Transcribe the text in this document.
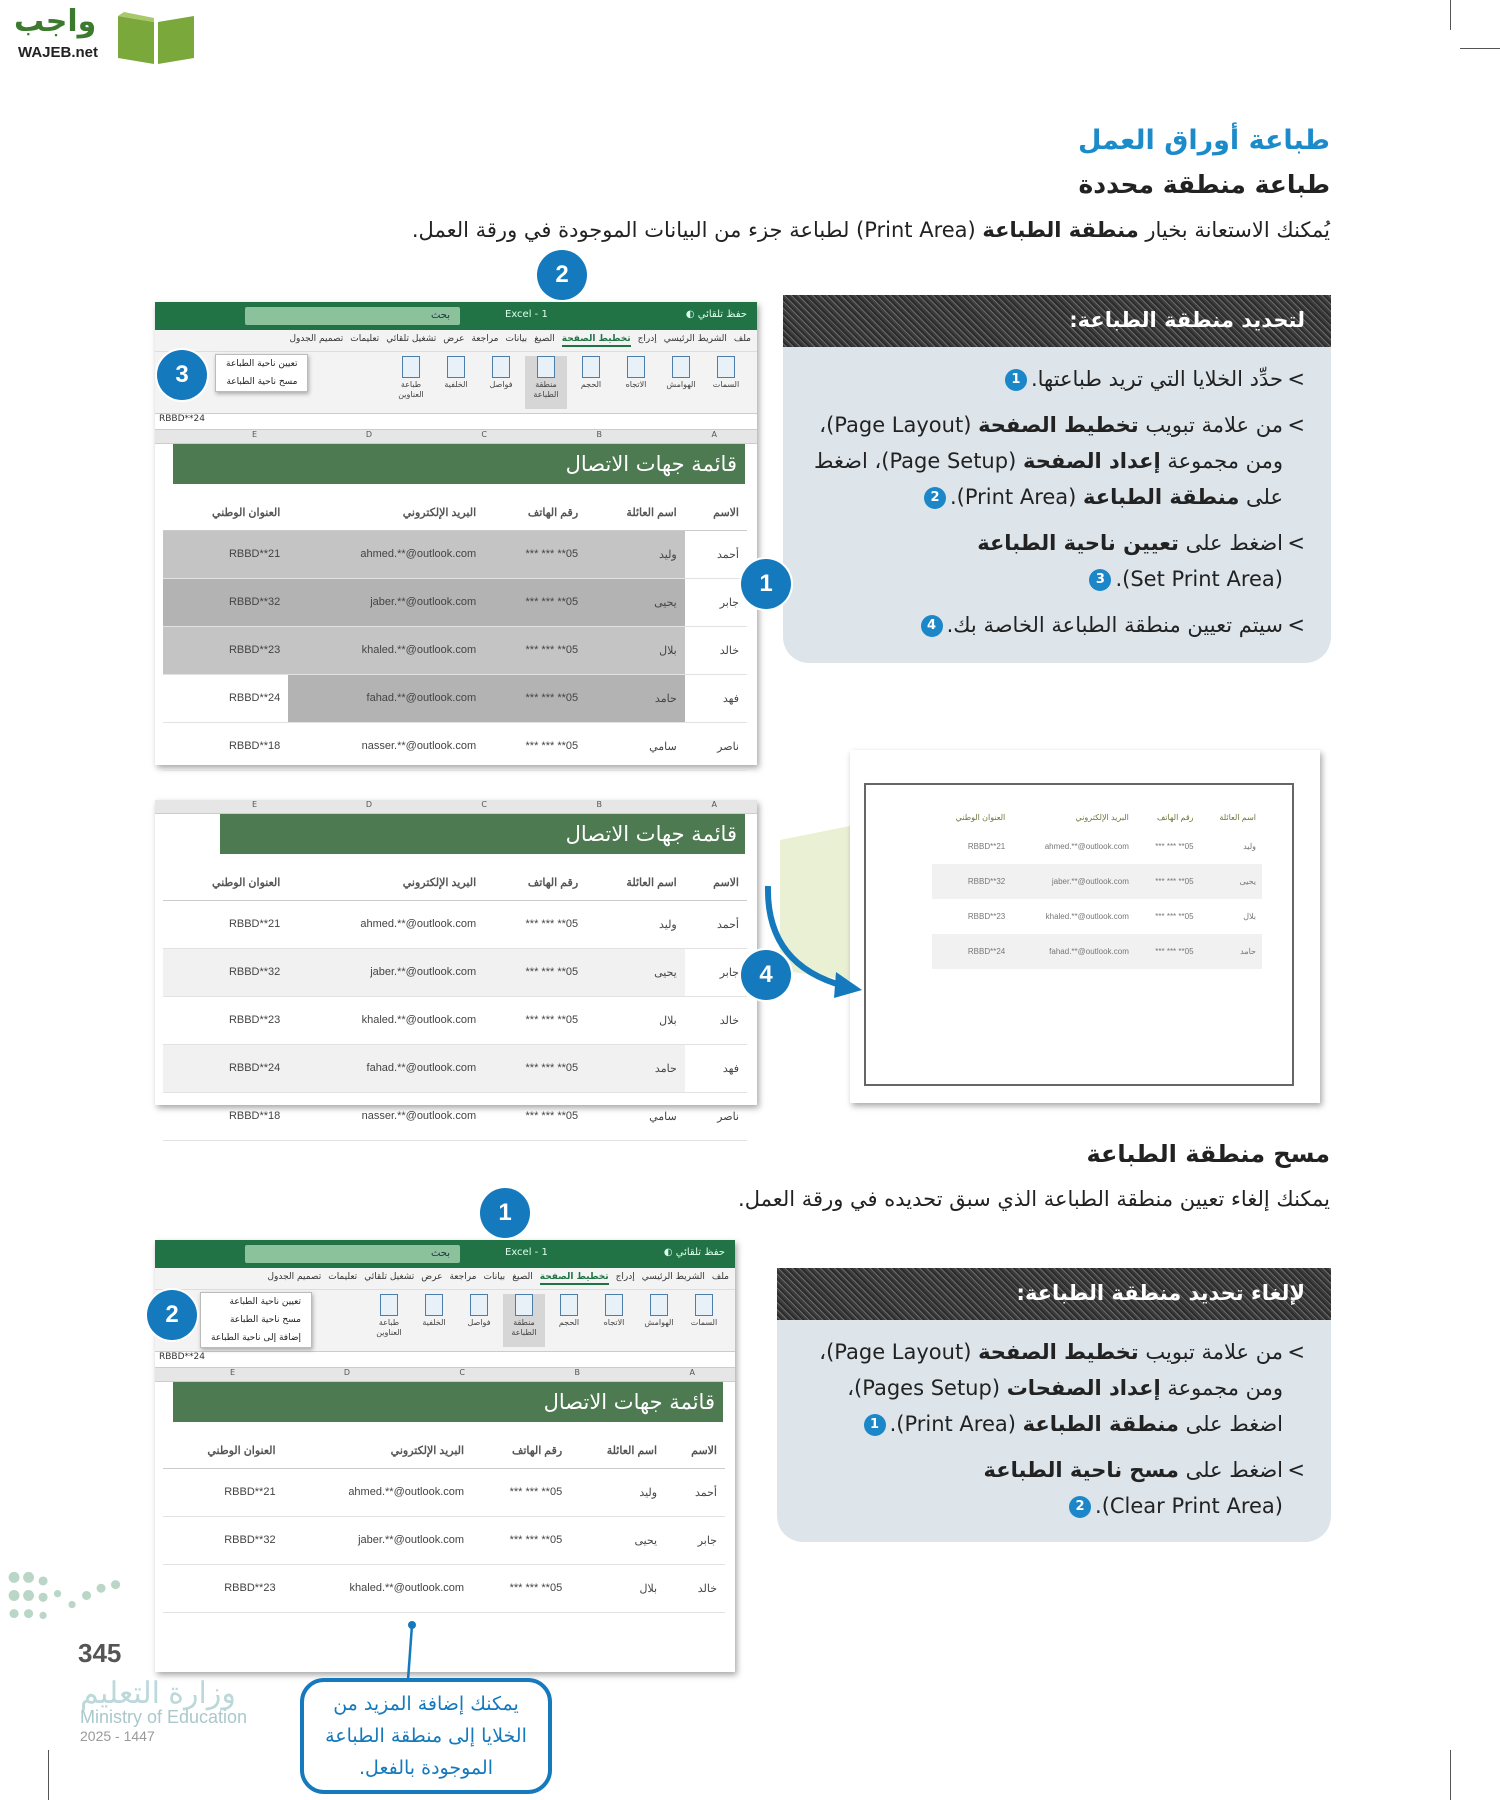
واجب
WAJEB.net
طباعة أوراق العمل
طباعة منطقة محددة

يُمكنك الاستعانة بخيار منطقة الطباعة (Print Area) لطباعة جزء من البيانات الموجودة في ورقة العمل.

لتحديد منطقة الطباعة:
> حدِّد الخلايا التي تريد طباعتها.1
> من علامة تبويب تخطيط الصفحة (Page Layout)، ومن مجموعة إعداد الصفحة (Page Setup)، اضغط على منطقة الطباعة (Print Area).2
> اضغط على تعيين ناحية الطباعة
(Set Print Area).3
> سيتم تعيين منطقة الطباعة الخاصة بك.4
بحث	Excel - 1	حفظ تلقائي ◐
ملف
الشريط الرئيسي
إدراج
تخطيط الصفحة
الصيغ
بيانات
مراجعة
عرض
تشغيل تلقائي
تعليمات
تصميم الجدول
السمات
الهوامش
الاتجاه
الحجم
منطقة الطباعة
فواصل
الخلفية
طباعة العناوين
تعيين ناحية الطباعة
مسح ناحية الطباعة
RBBD**24
A
B
C
D
E
قائمة جهات الاتصال
الاسم	اسم العائلة	رقم الهاتف	البريد الإلكتروني	العنوان الوطني
أحمد	وليد	05** *** ***	ahmed.**@outlook.com	RBBD**21
جابر	يحيى	05** *** ***	jaber.**@outlook.com	RBBD**32
خالد	بلال	05** *** ***	khaled.**@outlook.com	RBBD**23
فهد	حامد	05** *** ***	fahad.**@outlook.com	RBBD**24
ناصر	سامي	05** *** ***	nasser.**@outlook.com	RBBD**18
2
3
1
A
B
C
D
E
قائمة جهات الاتصال
الاسم	اسم العائلة	رقم الهاتف	البريد الإلكتروني	العنوان الوطني
أحمد	وليد	05** *** ***	ahmed.**@outlook.com	RBBD**21
جابر	يحيى	05** *** ***	jaber.**@outlook.com	RBBD**32
خالد	بلال	05** *** ***	khaled.**@outlook.com	RBBD**23
فهد	حامد	05** *** ***	fahad.**@outlook.com	RBBD**24
ناصر	سامي	05** *** ***	nasser.**@outlook.com	RBBD**18
4
اسم العائلة	رقم الهاتف	البريد الإلكتروني	العنوان الوطني
وليد	05** *** ***	ahmed.**@outlook.com	RBBD**21
يحيى	05** *** ***	jaber.**@outlook.com	RBBD**32
بلال	05** *** ***	khaled.**@outlook.com	RBBD**23
حامد	05** *** ***	fahad.**@outlook.com	RBBD**24
مسح منطقة الطباعة
يمكنك إلغاء تعيين منطقة الطباعة الذي سبق تحديده في ورقة العمل.
بحث	Excel - 1	حفظ تلقائي ◐
ملف
الشريط الرئيسي
إدراج
تخطيط الصفحة
الصيغ
بيانات
مراجعة
عرض
تشغيل تلقائي
تعليمات
تصميم الجدول
السمات
الهوامش
الاتجاه
الحجم
منطقة الطباعة
فواصل
الخلفية
طباعة العناوين
تعيين ناحية الطباعة
مسح ناحية الطباعة
إضافة إلى ناحية الطباعة
RBBD**24
A
B
C
D
E
قائمة جهات الاتصال
الاسم	اسم العائلة	رقم الهاتف	البريد الإلكتروني	العنوان الوطني
أحمد	وليد	05** *** ***	ahmed.**@outlook.com	RBBD**21
جابر	يحيى	05** *** ***	jaber.**@outlook.com	RBBD**32
خالد	بلال	05** *** ***	khaled.**@outlook.com	RBBD**23
1
2
يمكنك إضافة المزيد من الخلايا إلى منطقة الطباعة الموجودة بالفعل.
لإلغاء تحديد منطقة الطباعة:
> من علامة تبويب تخطيط الصفحة (Page Layout)، ومن مجموعة إعداد الصفحات (Pages Setup)، اضغط على منطقة الطباعة (Print Area).1
> اضغط على مسح ناحية الطباعة
(Clear Print Area).2
345
وزارة التعليم
Ministry of Education
2025 - 1447
